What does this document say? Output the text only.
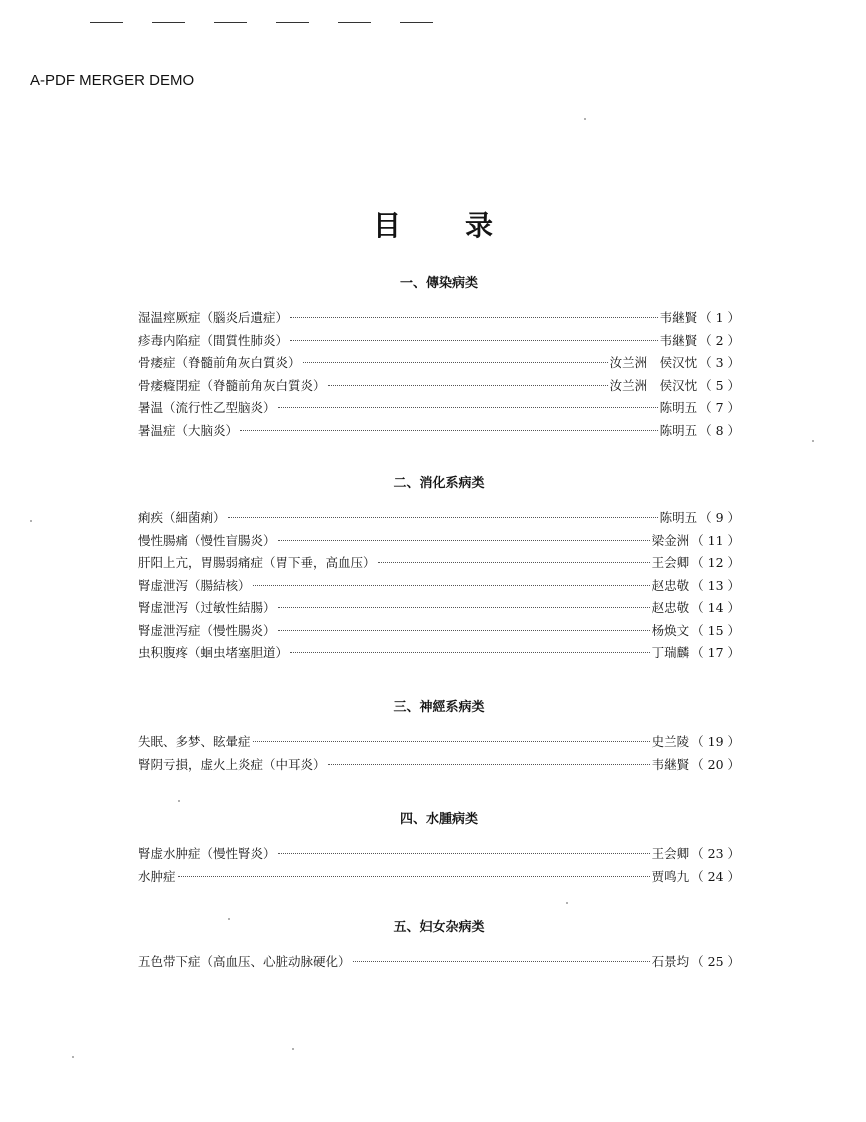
A-PDF MERGER DEMO
目录
一、傳染病类
湿温痙厥症（腦炎后遺症）	韦継賢 （ 1 ）
疹毒内陷症（間質性肺炎）	韦継賢 （ 2 ）
骨痿症（脊髓前角灰白質炎）	汝兰洲　侯汉忱 （ 3 ）
骨痿癃閉症（脊髓前角灰白質炎）	汝兰洲　侯汉忱 （ 5 ）
暑温（流行性乙型脑炎）	陈明五 （ 7 ）
暑温症（大脑炎）	陈明五 （ 8 ）
二、消化系病类
痢疾（細菌痢）	陈明五 （ 9 ）
慢性腸痛（慢性盲腸炎）	梁金洲 （ 11 ）
肝阳上亢，胃腸弱痛症（胃下垂，高血压）	王会卿 （ 12 ）
腎虚泄泻（腸結核）	赵忠敬 （ 13 ）
腎虚泄泻（过敏性結腸）	赵忠敬 （ 14 ）
腎虚泄泻症（慢性腸炎）	杨焕文 （ 15 ）
虫积腹疼（蛔虫堵塞胆道）	丁瑞麟 （ 17 ）
三、神經系病类
失眠、多梦、眩暈症	史兰陵 （ 19 ）
腎阴亏損，虚火上炎症（中耳炎）	韦継賢 （ 20 ）
四、水腫病类
腎虚水肿症（慢性腎炎）	王会卿 （ 23 ）
水肿症	贾鸣九 （ 24 ）
五、妇女杂病类
五色带下症（高血压、心脏动脉硬化）	石景均 （ 25 ）
